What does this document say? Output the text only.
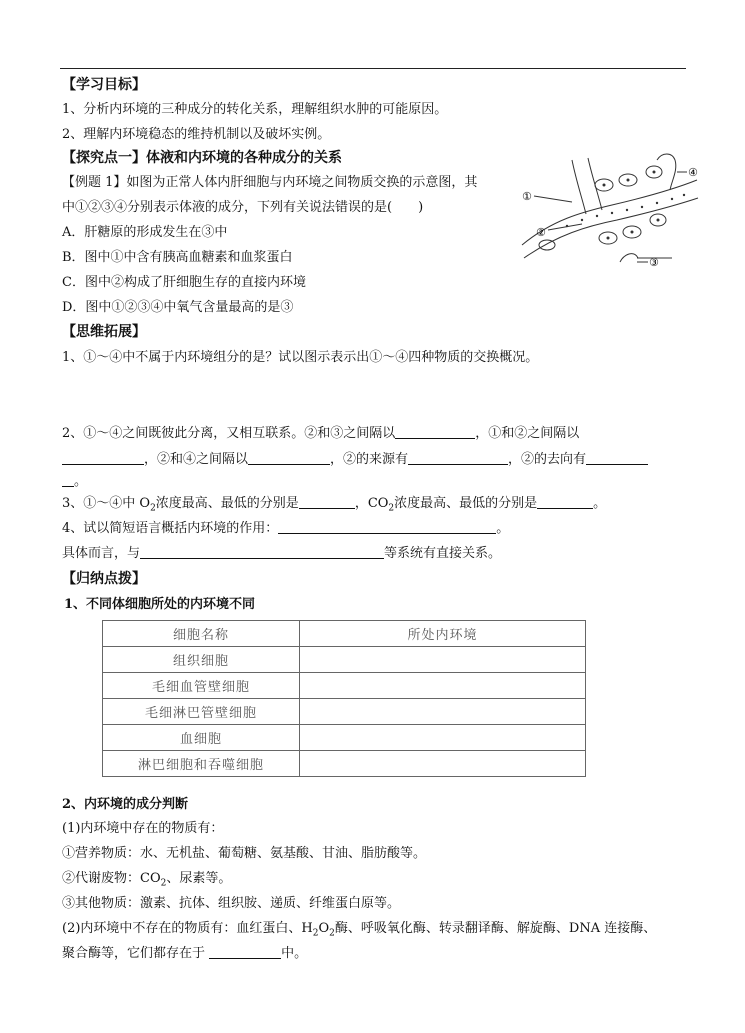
【学习目标】
1、分析内环境的三种成分的转化关系，理解组织水肿的可能原因。
2、理解内环境稳态的维持机制以及破坏实例。
【探究点一】体液和内环境的各种成分的关系
【例题 1】如图为正常人体内肝细胞与内环境之间物质交换的示意图，其
中①②③④分别表示体液的成分，下列有关说法错误的是(　　)
A．肝糖原的形成发生在③中
B．图中①中含有胰高血糖素和血浆蛋白
C．图中②构成了肝细胞生存的直接内环境
D．图中①②③④中氧气含量最高的是③
①
②
③
④
【思维拓展】
1、①～④中不属于内环境组分的是？试以图示表示出①～④四种物质的交换概况。
2、①～④之间既彼此分离，又相互联系。②和③之间隔以	，①和②之间隔以
，②和④之间隔以	，②的来源有	，②的去向有
。
3、①～④中 $O_2$浓度最高、最低的分别是	，$CO_2$浓度最高、最低的分别是	。
4、试以简短语言概括内环境的作用：	。
具体而言，与	等系统有直接关系。
【归纳点拨】
1、不同体细胞所处的内环境不同
细胞名称	所处内环境
组织细胞	
毛细血管壁细胞	
毛细淋巴管壁细胞	
血细胞	
淋巴细胞和吞噬细胞	
2、内环境的成分判断
(1)内环境中存在的物质有：
①营养物质：水、无机盐、葡萄糖、氨基酸、甘油、脂肪酸等。
②代谢废物：$CO_2$、尿素等。
③其他物质：激素、抗体、组织胺、递质、纤维蛋白原等。
(2)内环境中不存在的物质有：血红蛋白、$H_2O_2$酶、呼吸氧化酶、转录翻译酶、解旋酶、DNA 连接酶、
聚合酶等，它们都存在于	中。
